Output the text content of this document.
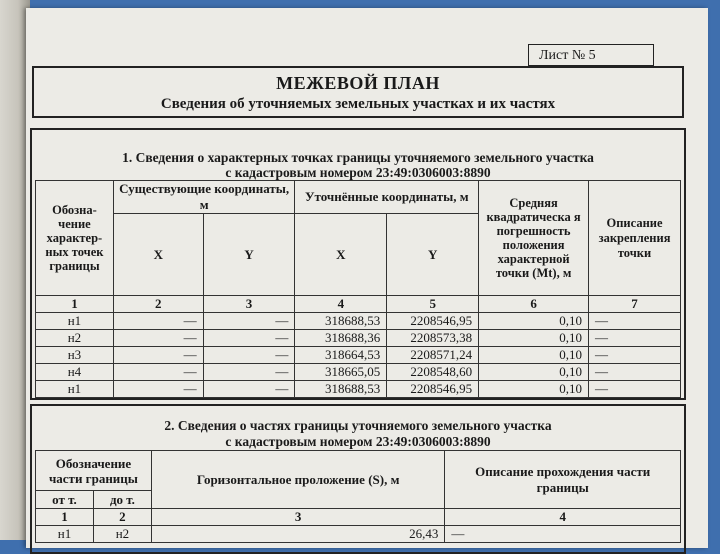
Лист № 5
МЕЖЕВОЙ ПЛАН
Сведения об уточняемых земельных участках и их частях
1. Сведения о характерных точках границы уточняемого земельного участка
с кадастровым номером 23:49:0306003:8890
Обозна-чение характер-ных точек границы	Существующие координаты, м		Уточнённые координаты, м		Средняя квадратическа я погрешность положения характерной точки (Mt), м	Описание закрепления точки
	X	Y	X	Y		
1	2	3	4	5	6	7
н1	—	—	318688,53	2208546,95	0,10	—
н2	—	—	318688,36	2208573,38	0,10	—
н3	—	—	318664,53	2208571,24	0,10	—
н4	—	—	318665,05	2208548,60	0,10	—
н1	—	—	318688,53	2208546,95	0,10	—
2. Сведения о частях границы уточняемого земельного участка
с кадастровым номером 23:49:0306003:8890
Обозначение части границы		Горизонтальное проложение (S), м	Описание прохождения части границы
от т.	до т.		
1	2	3	4
н1	н2	26,43	—
